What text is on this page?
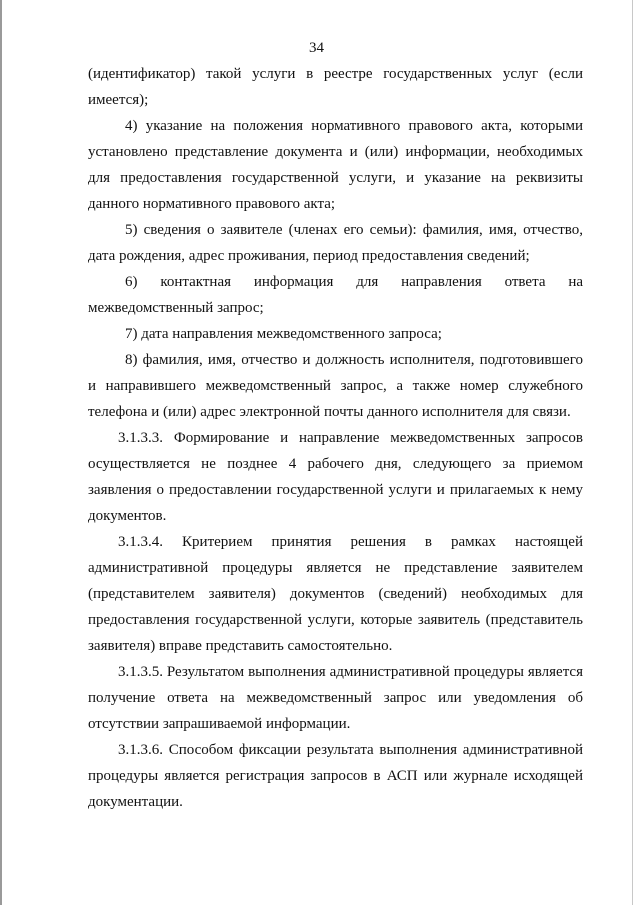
34

(идентификатор) такой услуги в реестре государственных услуг (если имеется);

4) указание на положения нормативного правового акта, которыми установлено представление документа и (или) информации, необходимых для предоставления государственной услуги, и указание на реквизиты данного нормативного правового акта;

5) сведения о заявителе (членах его семьи): фамилия, имя, отчество, дата рождения, адрес проживания, период предоставления сведений;

6) контактная информация для направления ответа на межведомственный запрос;

7) дата направления межведомственного запроса;

8) фамилия, имя, отчество и должность исполнителя, подготовившего и направившего межведомственный запрос, а также номер служебного телефона и (или) адрес электронной почты данного исполнителя для связи.

3.1.3.3. Формирование и направление межведомственных запросов осуществляется не позднее 4 рабочего дня, следующего за приемом заявления о предоставлении государственной услуги и прилагаемых к нему документов.

3.1.3.4. Критерием принятия решения в рамках настоящей административной процедуры является не представление заявителем (представителем заявителя) документов (сведений) необходимых для предоставления государственной услуги, которые заявитель (представитель заявителя) вправе представить самостоятельно.

3.1.3.5. Результатом выполнения административной процедуры является получение ответа на межведомственный запрос или уведомления об отсутствии запрашиваемой информации.

3.1.3.6. Способом фиксации результата выполнения административной процедуры является регистрация запросов в АСП или журнале исходящей документации.
